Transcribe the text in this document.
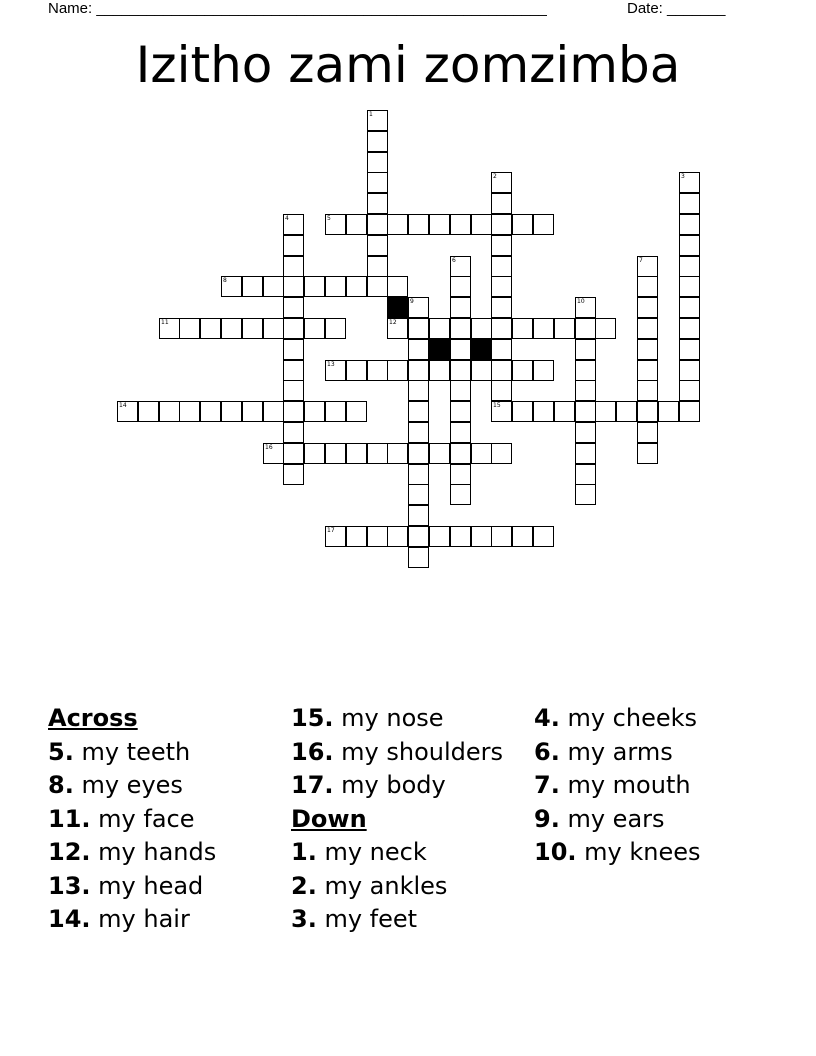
Name: ______________________________________________________	Date: _______
Izitho zami zomzimba
1
2	3
4	5
6	7
8
9	10
11	12
13
14	15
16
17
Across
5. my teeth
8. my eyes
11. my face
12. my hands
13. my head
14. my hair
15. my nose
16. my shoulders
17. my body
Down
1. my neck
2. my ankles
3. my feet
4. my cheeks
6. my arms
7. my mouth
9. my ears
10. my knees
